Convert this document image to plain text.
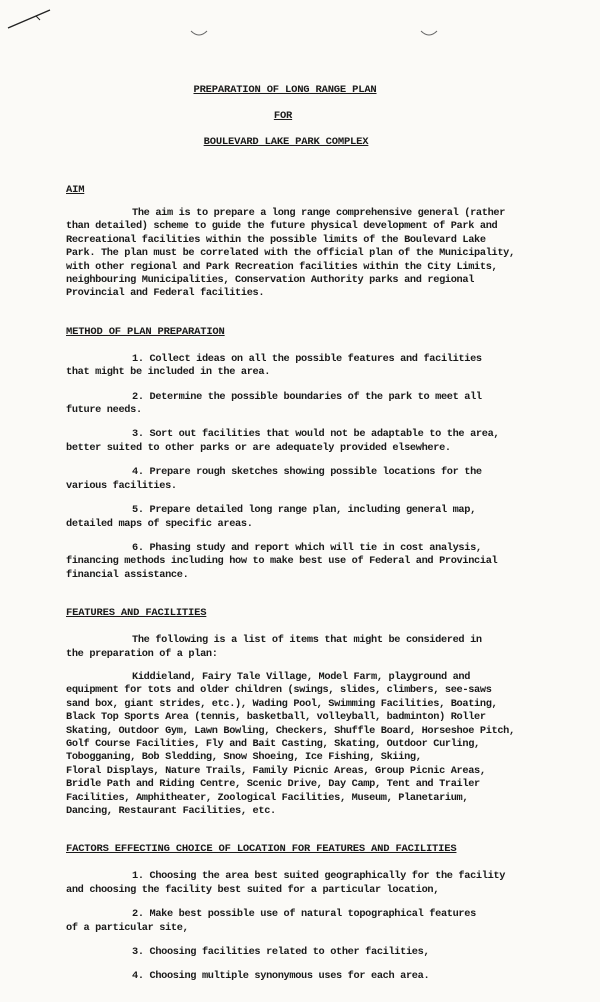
PREPARATION OF LONG RANGE PLAN
FOR
BOULEVARD LAKE PARK COMPLEX
AIM

The aim is to prepare a long range comprehensive general (rather
than detailed) scheme to guide the future physical development of Park and
Recreational facilities within the possible limits of the Boulevard Lake
Park. The plan must be correlated with the official plan of the Municipality,
with other regional and Park Recreation facilities within the City Limits,
neighbouring Municipalities, Conservation Authority parks and regional
Provincial and Federal facilities.

METHOD OF PLAN PREPARATION

1. Collect ideas on all the possible features and facilities
that might be included in the area.

2. Determine the possible boundaries of the park to meet all
future needs.

3. Sort out facilities that would not be adaptable to the area,
better suited to other parks or are adequately provided elsewhere.

4. Prepare rough sketches showing possible locations for the
various facilities.

5. Prepare detailed long range plan, including general map,
detailed maps of specific areas.

6. Phasing study and report which will tie in cost analysis,
financing methods including how to make best use of Federal and Provincial
financial assistance.

FEATURES AND FACILITIES

The following is a list of items that might be considered in
the preparation of a plan:

Kiddieland, Fairy Tale Village, Model Farm, playground and
equipment for tots and older children (swings, slides, climbers, see-saws
sand box, giant strides, etc.), Wading Pool, Swimming Facilities, Boating,
Black Top Sports Area (tennis, basketball, volleyball, badminton) Roller
Skating, Outdoor Gym, Lawn Bowling, Checkers, Shuffle Board, Horseshoe Pitch,
Golf Course Facilities, Fly and Bait Casting, Skating, Outdoor Curling,
Tobogganing, Bob Sledding, Snow Shoeing, Ice Fishing, Skiing,
Floral Displays, Nature Trails, Family Picnic Areas, Group Picnic Areas,
Bridle Path and Riding Centre, Scenic Drive, Day Camp, Tent and Trailer
Facilities, Amphitheater, Zoological Facilities, Museum, Planetarium,
Dancing, Restaurant Facilities, etc.

FACTORS EFFECTING CHOICE OF LOCATION FOR FEATURES AND FACILITIES

1. Choosing the area best suited geographically for the facility
and choosing the facility best suited for a particular location,

2. Make best possible use of natural topographical features
of a particular site,

3. Choosing facilities related to other facilities,

4. Choosing multiple synonymous uses for each area.
